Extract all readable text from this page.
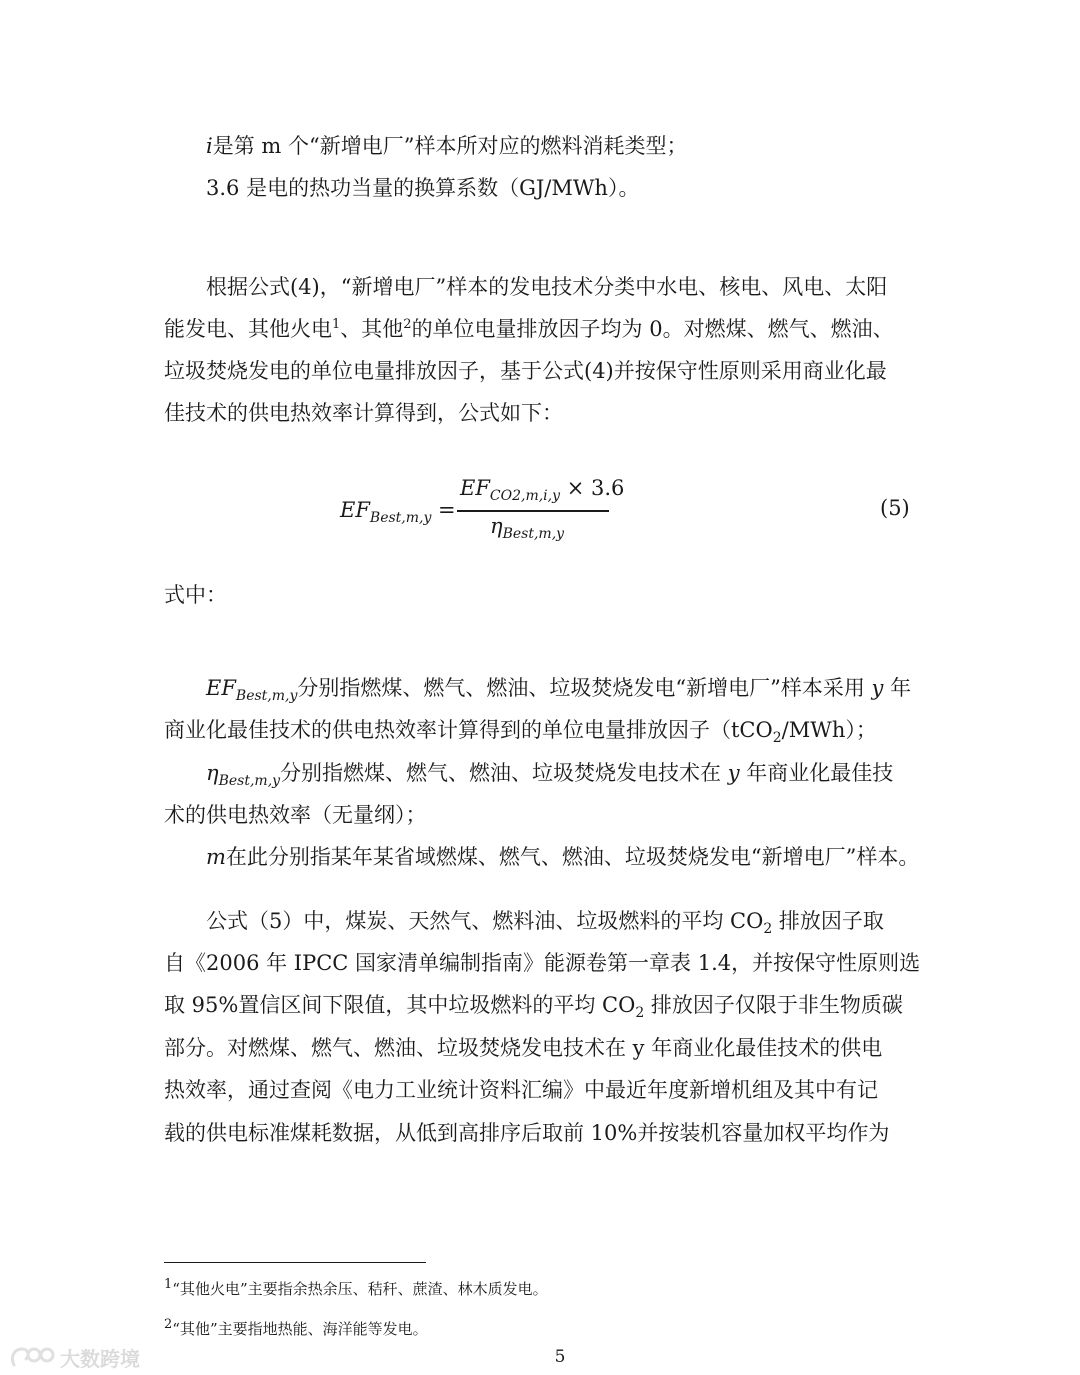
i是第 m 个“新增电厂”样本所对应的燃料消耗类型；
3.6 是电的热功当量的换算系数（GJ/MWh）。
根据公式(4)，“新增电厂”样本的发电技术分类中水电、核电、风电、太阳
能发电、其他火电$^1$、其他$^2$的单位电量排放因子均为 0。对燃煤、燃气、燃油、
垃圾焚烧发电的单位电量排放因子，基于公式(4)并按保守性原则采用商业化最
佳技术的供电热效率计算得到，公式如下：
$EF_{Best,m,y}$ =
$EF_{CO2,m,i,y} \times 3.6$
$\eta_{Best,m,y}$
(5)
式中：
$EF_{Best,m,y}$分别指燃煤、燃气、燃油、垃圾焚烧发电“新增电厂”样本采用 y 年
商业化最佳技术的供电热效率计算得到的单位电量排放因子（tCO$_2$/MWh）；
$\eta_{Best,m,y}$分别指燃煤、燃气、燃油、垃圾焚烧发电技术在 y 年商业化最佳技
术的供电热效率（无量纲）；
m在此分别指某年某省域燃煤、燃气、燃油、垃圾焚烧发电“新增电厂”样本。
公式（5）中，煤炭、天然气、燃料油、垃圾燃料的平均 $CO_2$ 排放因子取
自《2006 年 IPCC 国家清单编制指南》能源卷第一章表 1.4，并按保守性原则选
取 95%置信区间下限值，其中垃圾燃料的平均 $CO_2$ 排放因子仅限于非生物质碳
部分。对燃煤、燃气、燃油、垃圾焚烧发电技术在 y 年商业化最佳技术的供电
热效率，通过查阅《电力工业统计资料汇编》中最近年度新增机组及其中有记
载的供电标准煤耗数据，从低到高排序后取前 10%并按装机容量加权平均作为
$^1$“其他火电”主要指余热余压、秸秆、蔗渣、林木质发电。
$^2$“其他”主要指地热能、海洋能等发电。
5
大数跨境
